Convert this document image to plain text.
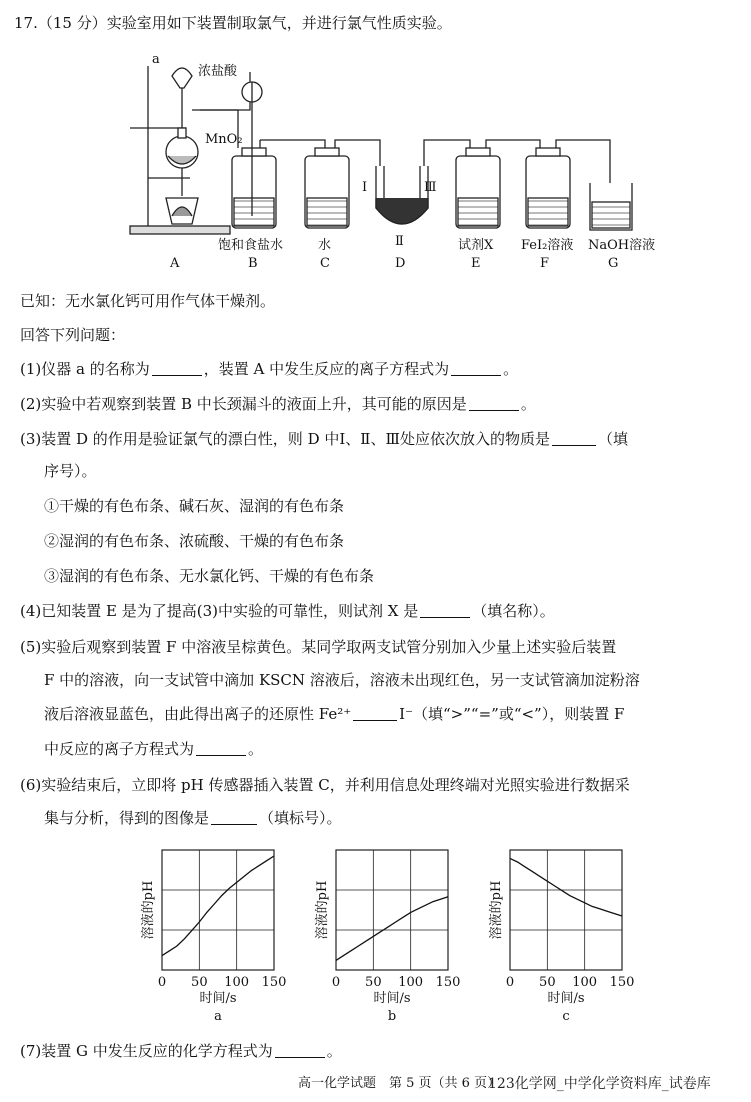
17.（15 分）实验室用如下装置制取氯气，并进行氯气性质实验。
a
浓盐酸
MnO₂
Ⅰ	Ⅲ
饱和食盐水	水	Ⅱ	试剂X FeI₂溶液 NaOH溶液
A	B	C	D	E	F	G
已知：无水氯化钙可用作气体干燥剂。
回答下列问题：
(1)仪器 a 的名称为	，装置 A 中发生反应的离子方程式为	。
(2)实验中若观察到装置 B 中长颈漏斗的液面上升，其可能的原因是	。
(3)装置 D 的作用是验证氯气的漂白性，则 D 中Ⅰ、Ⅱ、Ⅲ处应依次放入的物质是	（填
序号）。
①干燥的有色布条、碱石灰、湿润的有色布条
②湿润的有色布条、浓硫酸、干燥的有色布条
③湿润的有色布条、无水氯化钙、干燥的有色布条
(4)已知装置 E 是为了提高(3)中实验的可靠性，则试剂 X 是	（填名称）。
(5)实验后观察到装置 F 中溶液呈棕黄色。某同学取两支试管分别加入少量上述实验后装置
F 中的溶液，向一支试管中滴加 KSCN 溶液后，溶液未出现红色，另一支试管滴加淀粉溶
液后溶液显蓝色，由此得出离子的还原性 Fe²⁺	I⁻（填“>”“=”或“<”），则装置 F
中反应的离子方程式为	。
(6)实验结束后，立即将 pH 传感器插入装置 C，并利用信息处理终端对光照实验进行数据采
集与分析，得到的图像是	（填标号）。
0 50 100 150
时间/s
溶液的pH
a
0 50 100 150
时间/s
溶液的pH
b
0 50 100 150
时间/s
溶液的pH
c
(7)装置 G 中发生反应的化学方程式为	。
高一化学试题　第 5 页（共 6 页）
123化学网_中学化学资料库_试卷库
